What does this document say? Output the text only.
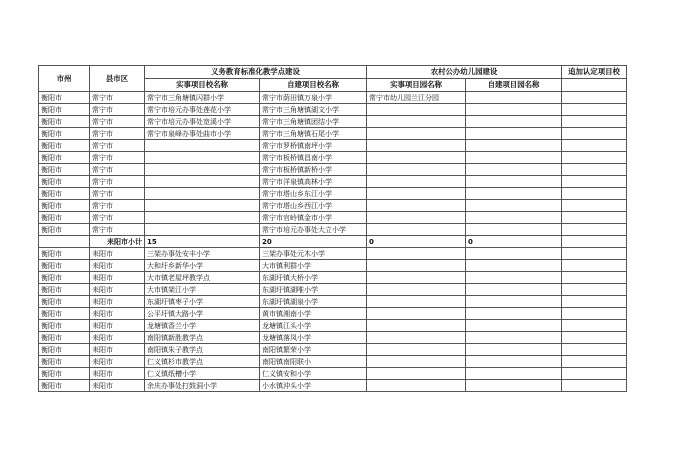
市州	县市区	义务教育标准化教学点建设		农村公办幼儿园建设		追加认定项目校
		实事项目校名称	自建项目校名称	实事项目园名称	自建项目园名称	
衡阳市	常宁市	常宁市三角塘镇闪群小学	常宁市荫田镇万泉小学	常宁市幼儿园兰江分园		
衡阳市	常宁市	常宁市培元办事处莲花小学	常宁市三角塘镇湖文小学			
衡阳市	常宁市	常宁市培元办事处宽溪小学	常宁市三角塘镇团结小学			
衡阳市	常宁市	常宁市泉峰办事处曲市小学	常宁市三角塘镇石尾小学			
衡阳市	常宁市		常宁市罗桥镇南坪小学			
衡阳市	常宁市		常宁市板桥镇昌南小学			
衡阳市	常宁市		常宁市板桥镇新桥小学			
衡阳市	常宁市		常宁市洋泉镇高林小学			
衡阳市	常宁市		常宁市塔山乡东江小学			
衡阳市	常宁市		常宁市塔山乡西江小学			
衡阳市	常宁市		常宁市官岭镇金市小学			
衡阳市	常宁市		常宁市培元办事处大立小学			
	耒阳市小计	15	20	0	0	
衡阳市	耒阳市	三架办事处安丰小学	三架办事处元木小学			
衡阳市	耒阳市	大和圩乡新华小学	大市镇利群小学			
衡阳市	耒阳市	大市镇老屋坪教学点	东湖圩镇大桥小学			
衡阳市	耒阳市	大市镇架江小学	东湖圩镇湖唯小学			
衡阳市	耒阳市	东湖圩镇枣子小学	东湖圩镇湖泉小学			
衡阳市	耒阳市	公平圩镇大路小学	黄市镇湘南小学			
衡阳市	耒阳市	龙塘镇香兰小学	龙塘镇江头小学			
衡阳市	耒阳市	南阳镇新胜教学点	龙塘镇落凤小学			
衡阳市	耒阳市	南阳镇朱子教学点	南阳镇繁荣小学			
衡阳市	耒阳市	仁义镇杉市教学点	南阳镇南阳联小			
衡阳市	耒阳市	仁义镇纸槽小学	仁义镇安和小学			
衡阳市	耒阳市	余庆办事处打鼓洞小学	小水镇沖头小学			
